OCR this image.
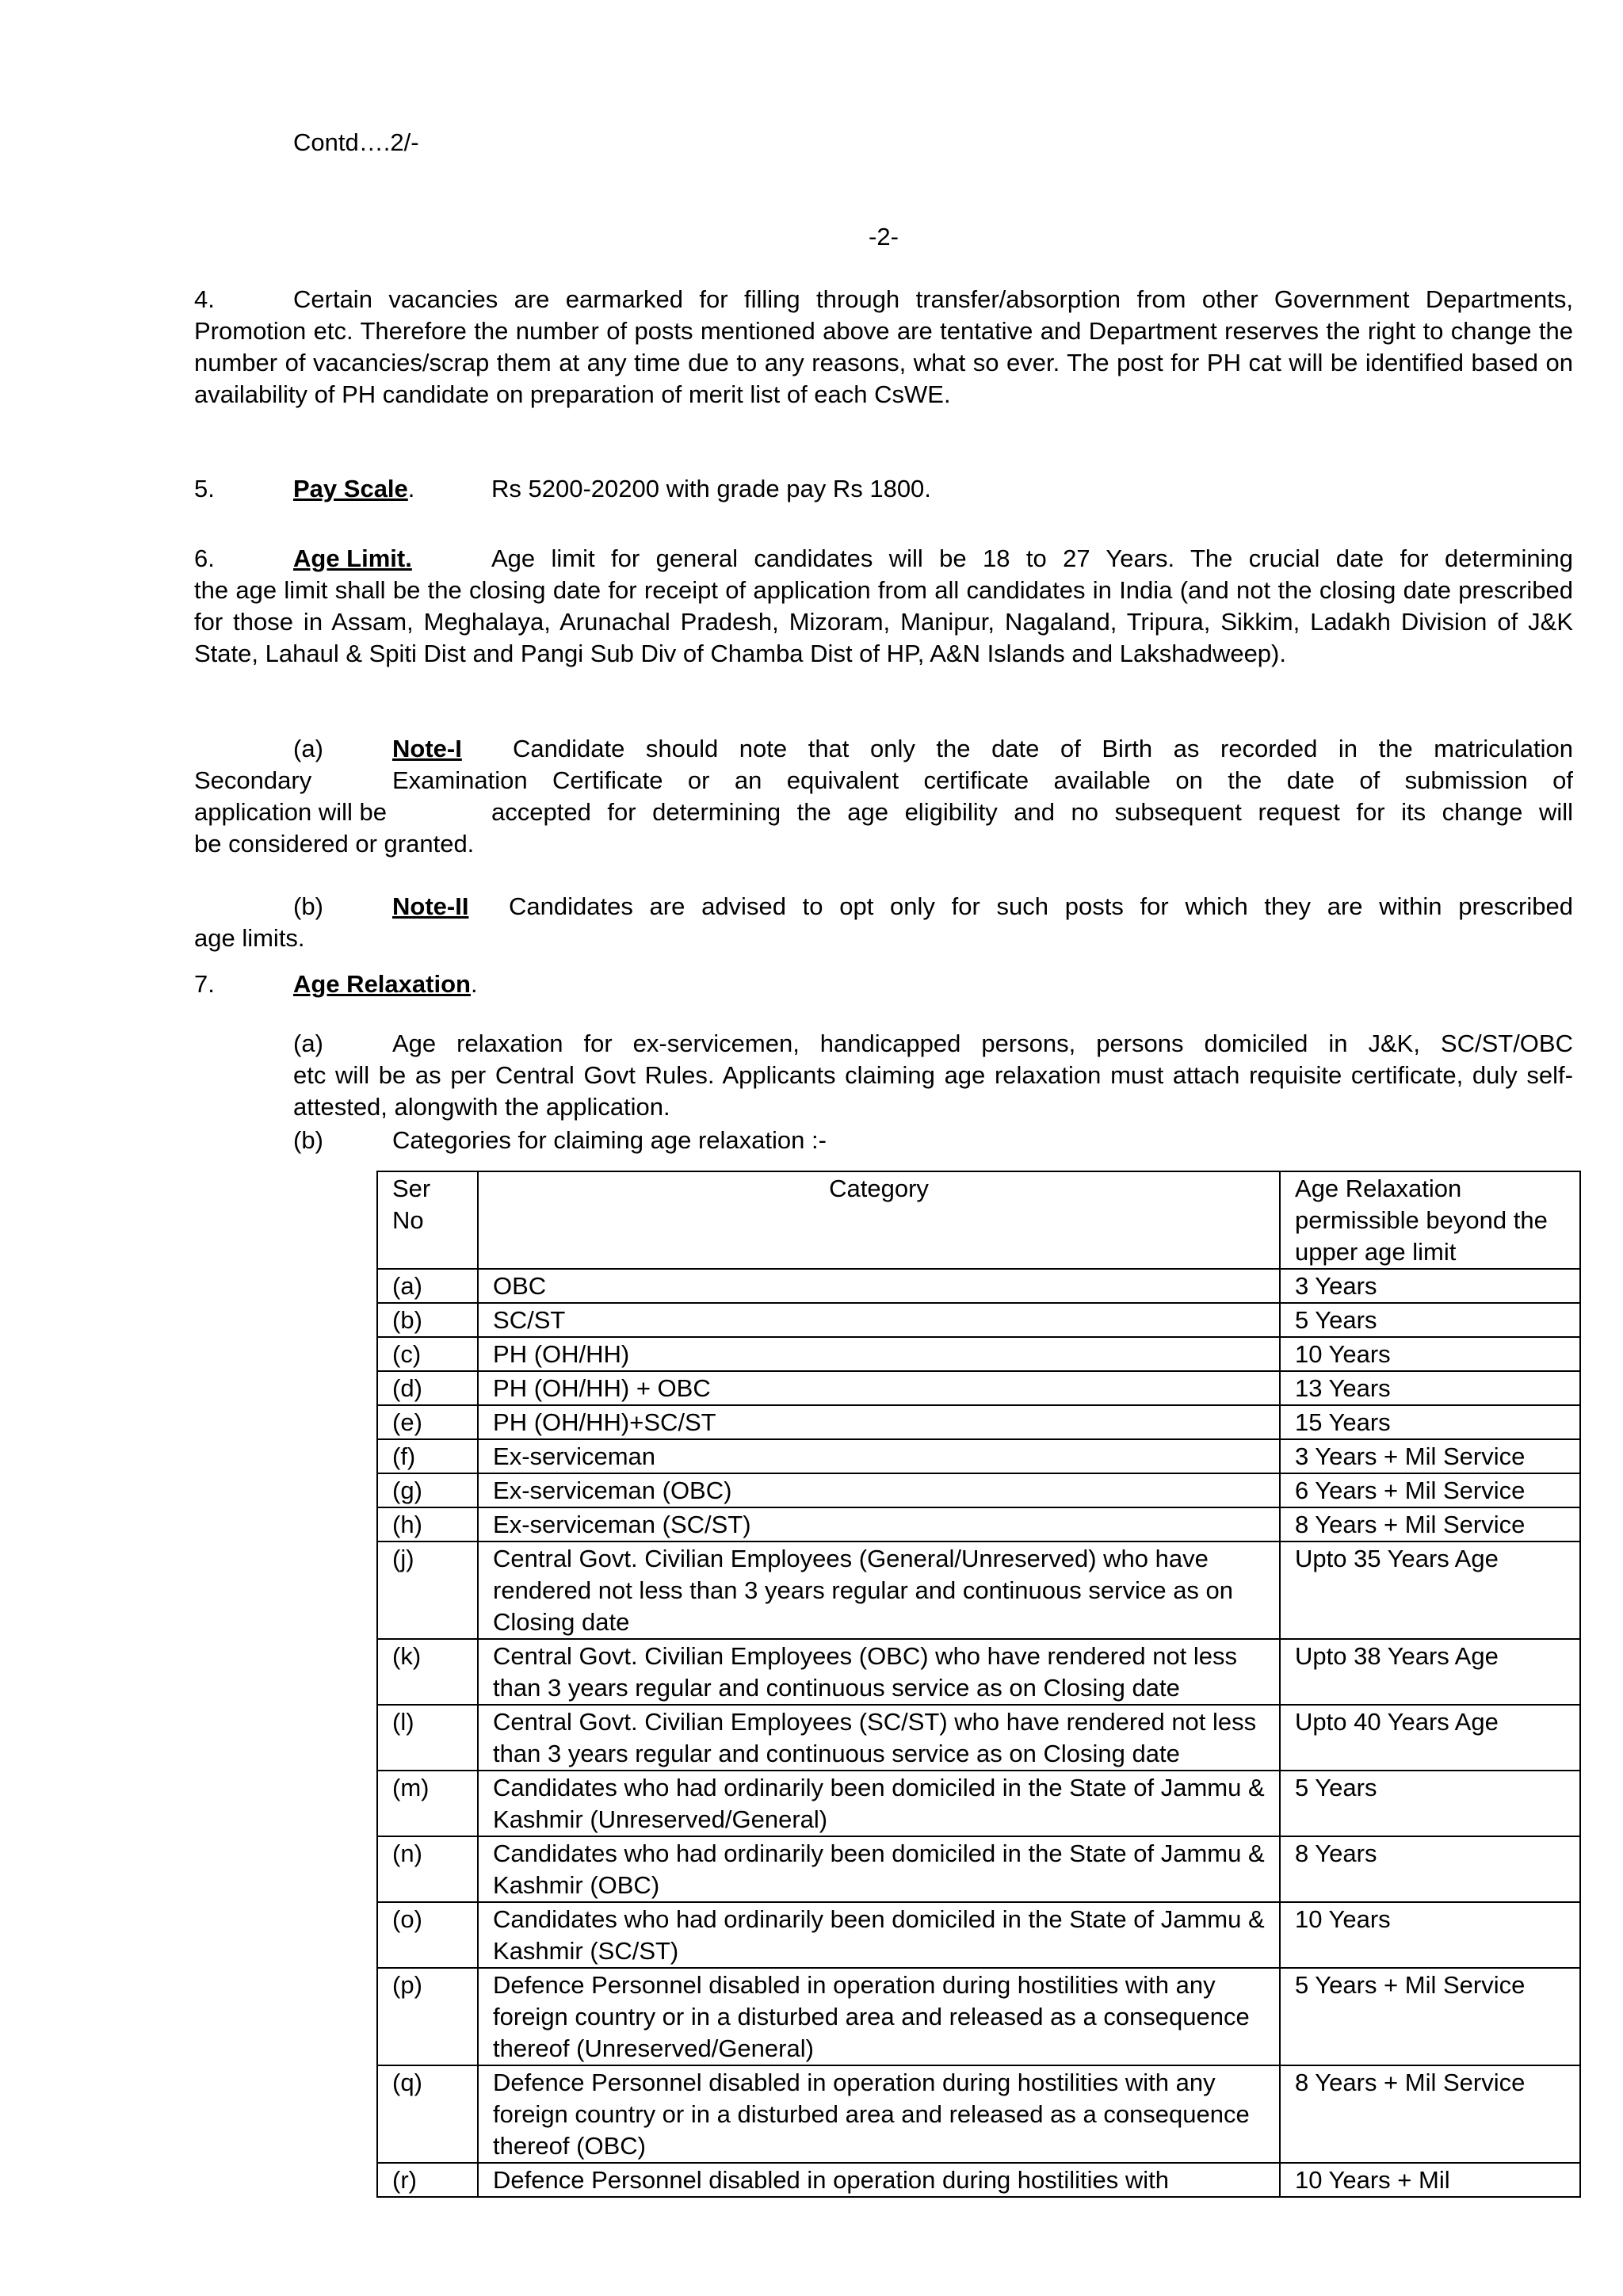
Contd….2/-
-2-

4.	Certain vacancies are earmarked for filling through transfer/absorption from other Government Departments, Promotion etc. Therefore the number of posts mentioned above are tentative and Department reserves the right to change the number of vacancies/scrap them at any time due to any reasons, what so ever. The post for PH cat will be identified based on availability of PH candidate on preparation of merit list of each CsWE.

5.	Pay Scale.	Rs 5200-20200 with grade pay Rs 1800.
6.	Age Limit.	Age limit for general candidates will be 18 to 27 Years. The crucial date for determining
the age limit shall be the closing date for receipt of application from all candidates in India (and not the closing date prescribed for those in Assam, Meghalaya, Arunachal Pradesh, Mizoram, Manipur, Nagaland, Tripura, Sikkim, Ladakh Division of J&K State, Lahaul & Spiti Dist and Pangi Sub Div of Chamba Dist of HP, A&N Islands and Lakshadweep).
(a)	Note-I Candidate should note that only the date of Birth as recorded in the matriculation
Secondary	Examination Certificate or an equivalent certificate available on the date of submission of
application will be	accepted for determining the age eligibility and no subsequent request for its change will
be considered or granted.
(b)	Note-II Candidates are advised to opt only for such posts for which they are within prescribed
age limits.
7.	Age Relaxation.
(a)	Age relaxation for ex-servicemen, handicapped persons, persons domiciled in J&K, SC/ST/OBC
etc will be as per Central Govt Rules. Applicants claiming age relaxation must attach requisite certificate, duly self-attested, alongwith the application.
(b)	Categories for claiming age relaxation :-
Ser No	Category	Age Relaxation permissible beyond the upper age limit
(a)	OBC	3 Years
(b)	SC/ST	5 Years
(c)	PH (OH/HH)	10 Years
(d)	PH (OH/HH) + OBC	13 Years
(e)	PH (OH/HH)+SC/ST	15 Years
(f)	Ex-serviceman	3 Years + Mil Service
(g)	Ex-serviceman (OBC)	6 Years + Mil Service
(h)	Ex-serviceman (SC/ST)	8 Years + Mil Service
(j)	Central Govt. Civilian Employees (General/Unreserved) who have rendered not less than 3 years regular and continuous service as on Closing date	Upto 35 Years Age
(k)	Central Govt. Civilian Employees (OBC) who have rendered not less than 3 years regular and continuous service as on Closing date	Upto 38 Years Age
(l)	Central Govt. Civilian Employees (SC/ST) who have rendered not less than 3 years regular and continuous service as on Closing date	Upto 40 Years Age
(m)	Candidates who had ordinarily been domiciled in the State of Jammu & Kashmir (Unreserved/General)	5 Years
(n)	Candidates who had ordinarily been domiciled in the State of Jammu & Kashmir (OBC)	8 Years
(o)	Candidates who had ordinarily been domiciled in the State of Jammu & Kashmir (SC/ST)	10 Years
(p)	Defence Personnel disabled in operation during hostilities with any foreign country or in a disturbed area and released as a consequence thereof (Unreserved/General)	5 Years + Mil Service
(q)	Defence Personnel disabled in operation during hostilities with any foreign country or in a disturbed area and released as a consequence thereof (OBC)	8 Years + Mil Service
(r)	Defence Personnel disabled in operation during hostilities with	10 Years + Mil
